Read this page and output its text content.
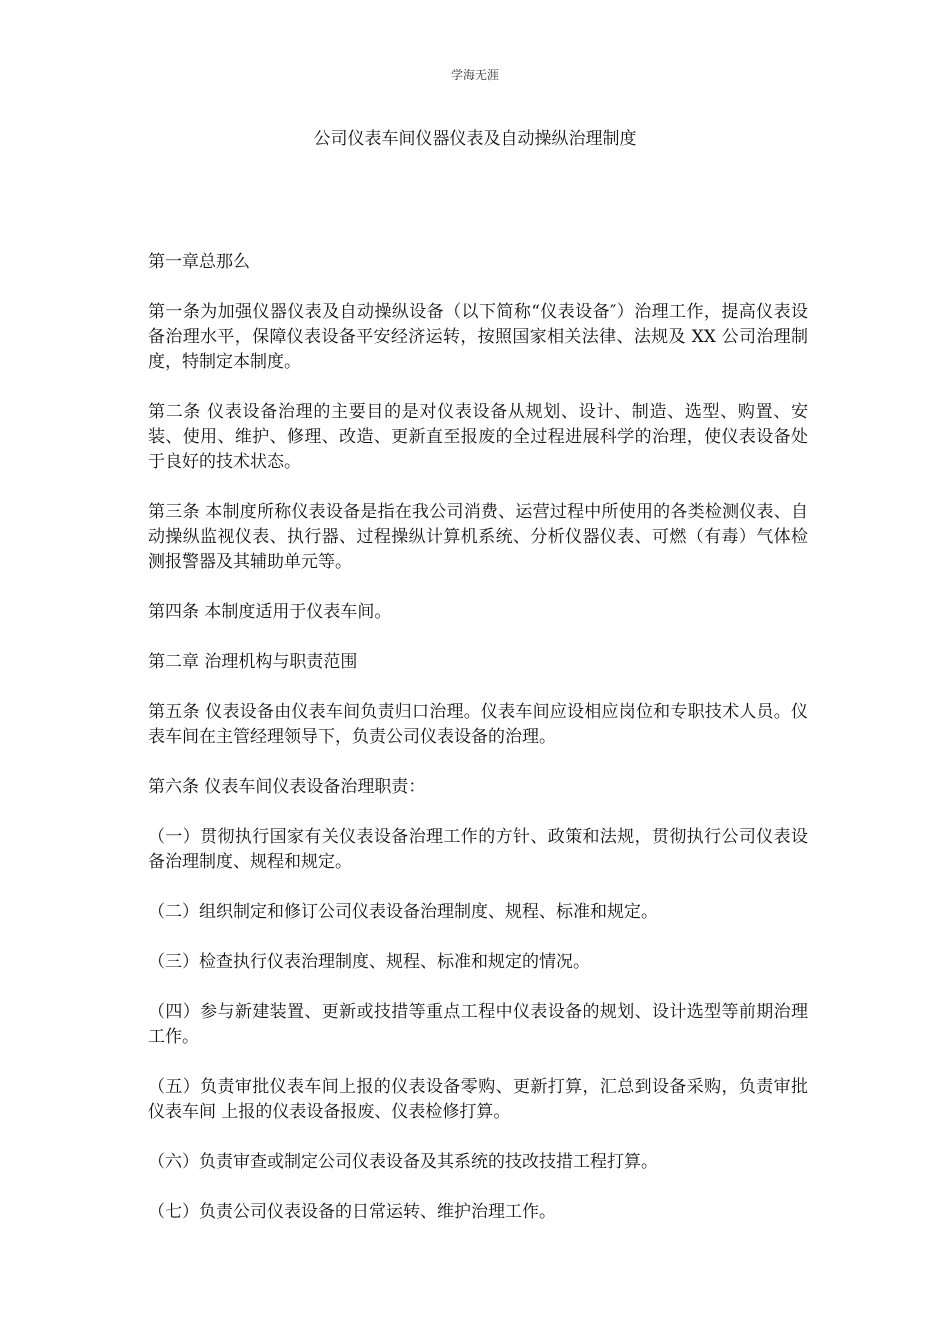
学海无涯
公司仪表车间仪器仪表及自动操纵治理制度

第一章总那么

第一条为加强仪器仪表及自动操纵设备（以下简称“仪表设备″）治理工作，提高仪表设备治理水平，保障仪表设备平安经济运转，按照国家相关法律、法规及 XX 公司治理制度，特制定本制度。

第二条 仪表设备治理的主要目的是对仪表设备从规划、设计、制造、选型、购置、安装、使用、维护、修理、改造、更新直至报废的全过程进展科学的治理，使仪表设备处于良好的技术状态。

第三条 本制度所称仪表设备是指在我公司消费、运营过程中所使用的各类检测仪表、自动操纵监视仪表、执行器、过程操纵计算机系统、分析仪器仪表、可燃（有毒）气体检测报警器及其辅助单元等。

第四条 本制度适用于仪表车间。

第二章 治理机构与职责范围

第五条 仪表设备由仪表车间负责归口治理。仪表车间应设相应岗位和专职技术人员。仪表车间在主管经理领导下，负责公司仪表设备的治理。

第六条 仪表车间仪表设备治理职责：

（一）贯彻执行国家有关仪表设备治理工作的方针、政策和法规，贯彻执行公司仪表设备治理制度、规程和规定。

（二）组织制定和修订公司仪表设备治理制度、规程、标准和规定。

（三）检查执行仪表治理制度、规程、标准和规定的情况。

（四）参与新建装置、更新或技措等重点工程中仪表设备的规划、设计选型等前期治理工作。

（五）负责审批仪表车间上报的仪表设备零购、更新打算，汇总到设备采购，负责审批仪表车间 上报的仪表设备报废、仪表检修打算。

（六）负责审查或制定公司仪表设备及其系统的技改技措工程打算。

（七）负责公司仪表设备的日常运转、维护治理工作。
